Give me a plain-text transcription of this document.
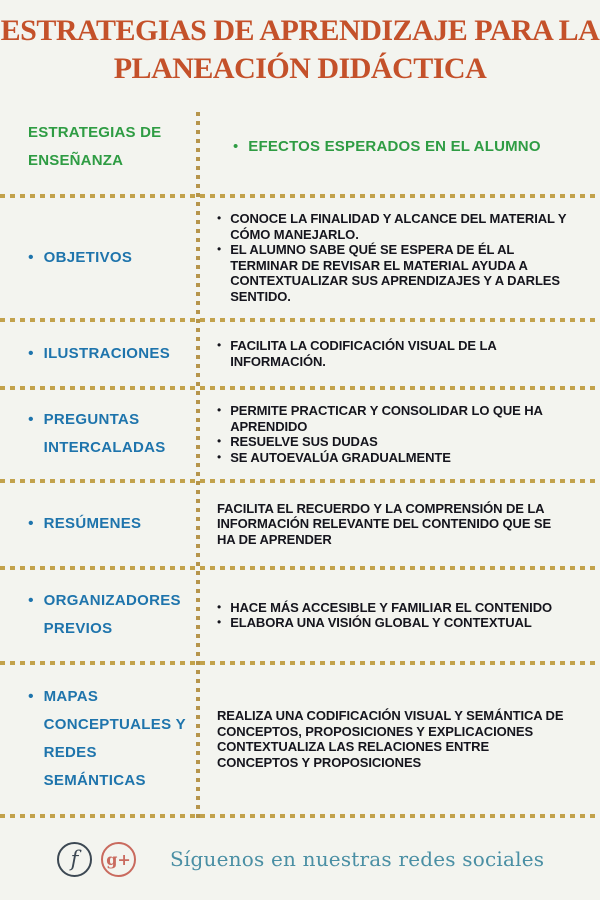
ESTRATEGIAS DE APRENDIZAJE PARA LA
PLANEACIÓN DIDÁCTICA
ESTRATEGIAS DE ENSEÑANZA
• EFECTOS ESPERADOS EN EL ALUMNO
• OBJETIVOS
• CONOCE LA FINALIDAD Y ALCANCE DEL MATERIAL Y CÓMO MANEJARLO.
• EL ALUMNO SABE QUÉ SE ESPERA DE ÉL AL TERMINAR DE REVISAR EL MATERIAL AYUDA A CONTEXTUALIZAR SUS APRENDIZAJES Y A DARLES SENTIDO.
• ILUSTRACIONES	• FACILITA LA CODIFICACIÓN VISUAL DE LA INFORMACIÓN.
• PREGUNTAS INTERCALADAS
• PERMITE PRACTICAR Y CONSOLIDAR LO QUE HA APRENDIDO
• RESUELVE SUS DUDAS
• SE AUTOEVALÚA GRADUALMENTE
• RESÚMENES
FACILITA EL RECUERDO Y LA COMPRENSIÓN DE LA INFORMACIÓN RELEVANTE DEL CONTENIDO QUE SE HA DE APRENDER
• ORGANIZADORES PREVIOS
• HACE MÁS ACCESIBLE Y FAMILIAR EL CONTENIDO
• ELABORA UNA VISIÓN GLOBAL Y CONTEXTUAL
• MAPAS CONCEPTUALES Y REDES SEMÁNTICAS
REALIZA UNA CODIFICACIÓN VISUAL Y SEMÁNTICA DE CONCEPTOS, PROPOSICIONES Y EXPLICACIONES CONTEXTUALIZA LAS RELACIONES ENTRE CONCEPTOS Y PROPOSICIONES
f	g+ Síguenos en nuestras redes sociales
